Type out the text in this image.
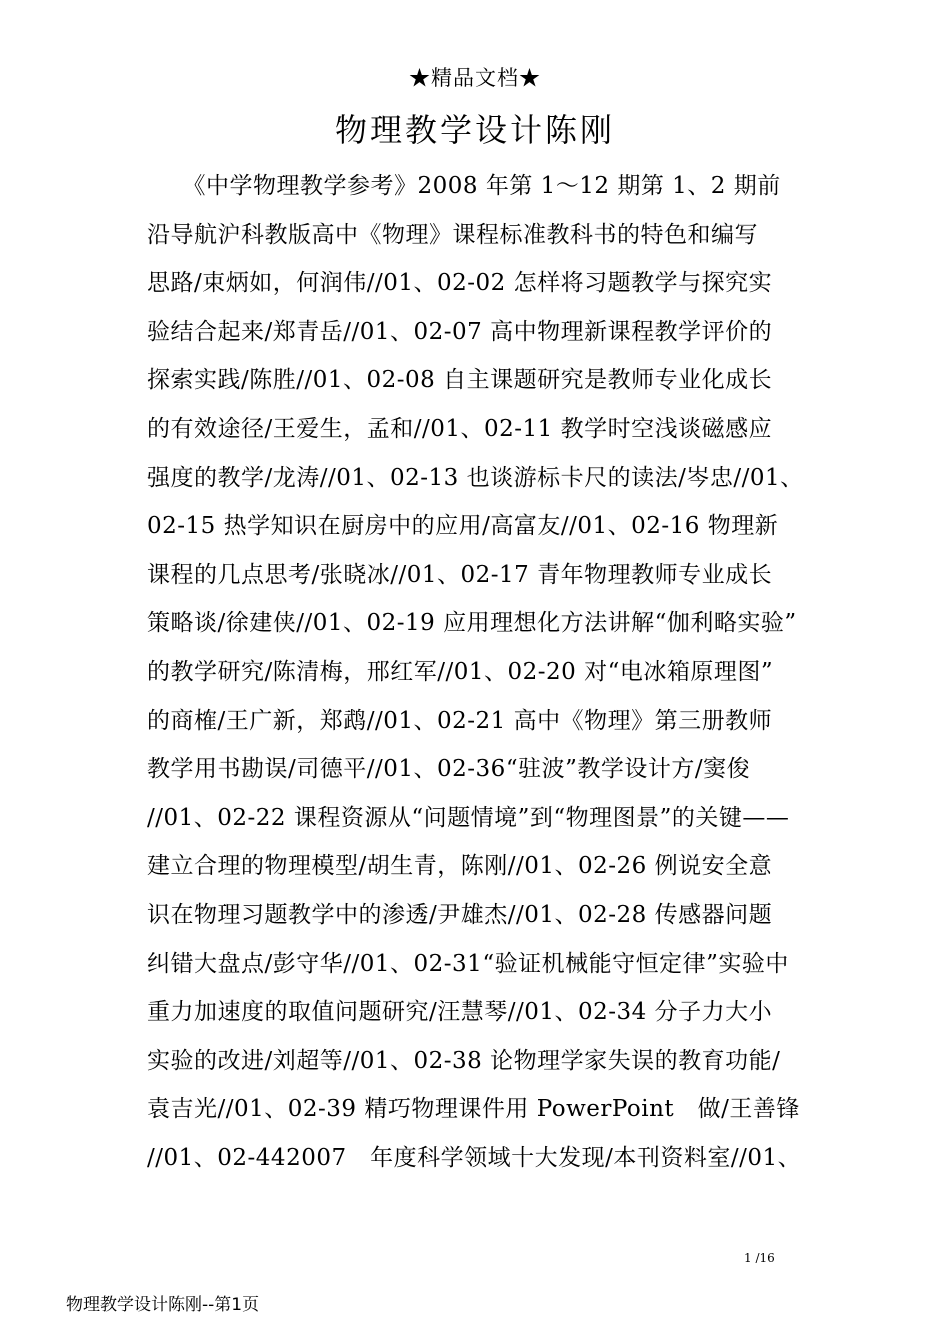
★精品文档★
物理教学设计陈刚
　　《中学物理教学参考》2008 年第 1～12 期第 1、2 期前
沿导航沪科教版高中《物理》课程标准教科书的特色和编写
思路/束炳如，何润伟//01、02-02 怎样将习题教学与探究实
验结合起来/郑青岳//01、02-07 高中物理新课程教学评价的
探索实践/陈胜//01、02-08 自主课题研究是教师专业化成长
的有效途径/王爱生，孟和//01、02-11 教学时空浅谈磁感应
强度的教学/龙涛//01、02-13 也谈游标卡尺的读法/岑忠//01、
02-15 热学知识在厨房中的应用/高富友//01、02-16 物理新
课程的几点思考/张晓冰//01、02-17 青年物理教师专业成长
策略谈/徐建侠//01、02-19 应用理想化方法讲解“伽利略实验”
的教学研究/陈清梅，邢红军//01、02-20 对“电冰箱原理图”
的商榷/王广新，郑鹉//01、02-21 高中《物理》第三册教师
教学用书勘误/司德平//01、02-36“驻波”教学设计方/窦俊
//01、02-22 课程资源从“问题情境”到“物理图景”的关键——
建立合理的物理模型/胡生青，陈刚//01、02-26 例说安全意
识在物理习题教学中的渗透/尹雄杰//01、02-28 传感器问题
纠错大盘点/彭守华//01、02-31“验证机械能守恒定律”实验中
重力加速度的取值问题研究/汪慧琴//01、02-34 分子力大小
实验的改进/刘超等//01、02-38 论物理学家失误的教育功能/
袁吉光//01、02-39 精巧物理课件用 PowerPoint　做/王善锋
//01、02-442007　年度科学领域十大发现/本刊资料室//01、
1 /16
物理教学设计陈刚--第1页
